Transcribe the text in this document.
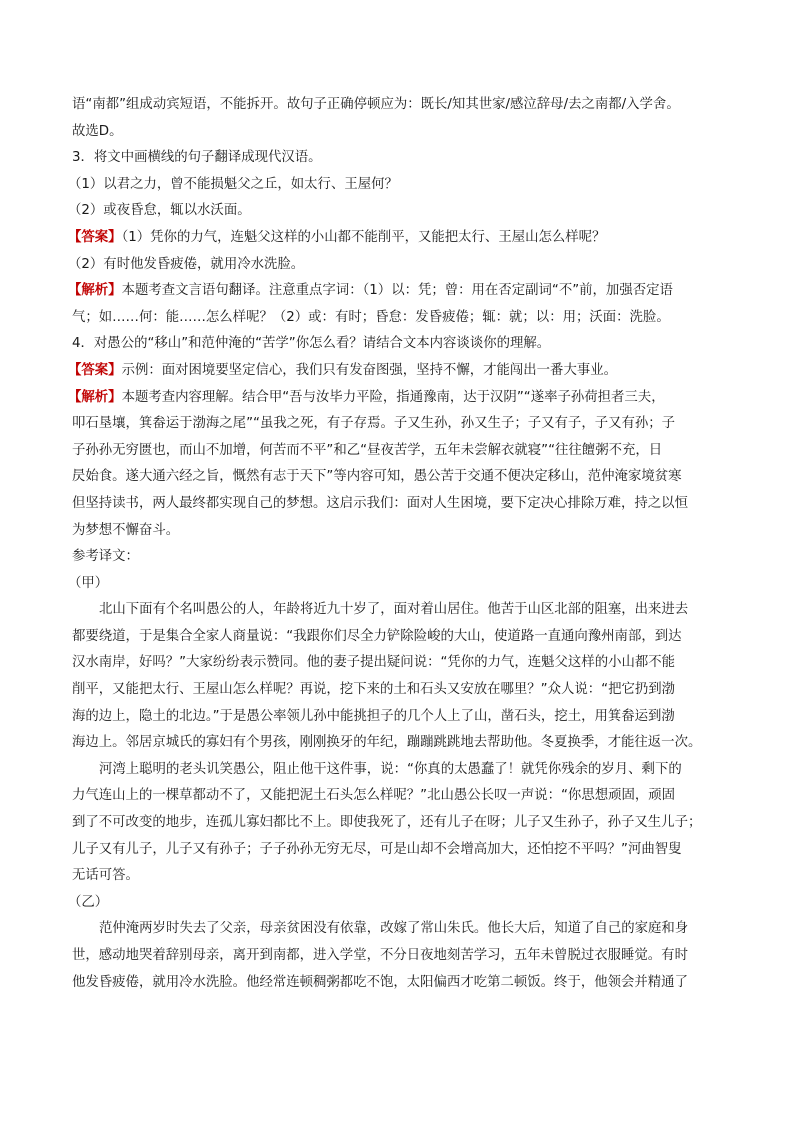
语“南都”组成动宾短语，不能拆开。故句子正确停顿应为：既长/知其世家/感泣辞母/去之南都/入学舍。

故选D。

3．将文中画横线的句子翻译成现代汉语。

（1）以君之力，曾不能损魁父之丘，如太行、王屋何？

（2）或夜昏怠，辄以水沃面。

【答案】（1）凭你的力气，连魁父这样的小山都不能削平，又能把太行、王屋山怎么样呢？

（2）有时他发昏疲倦，就用冷水洗脸。

【解析】本题考查文言语句翻译。注意重点字词：（1）以：凭；曾：用在否定副词“不”前，加强否定语

气；如……何：能……怎么样呢？（2）或：有时；昏怠：发昏疲倦；辄：就；以：用；沃面：洗脸。

4．对愚公的“移山”和范仲淹的“苦学”你怎么看？请结合文本内容谈谈你的理解。

【答案】示例：面对困境要坚定信心，我们只有发奋图强，坚持不懈，才能闯出一番大事业。

【解析】本题考查内容理解。结合甲“吾与汝毕力平险，指通豫南，达于汉阴”“遂率子孙荷担者三夫，

叩石垦壤，箕畚运于渤海之尾”“虽我之死，有子存焉。子又生孙，孙又生子；子又有子，子又有孙；子

子孙孙无穷匮也，而山不加增，何苦而不平”和乙“昼夜苦学，五年未尝解衣就寝”“往往饘粥不充，日

昃始食。遂大通六经之旨，慨然有志于天下”等内容可知，愚公苦于交通不便决定移山，范仲淹家境贫寒

但坚持读书，两人最终都实现自己的梦想。这启示我们：面对人生困境，要下定决心排除万难，持之以恒

为梦想不懈奋斗。

参考译文：

（甲）

北山下面有个名叫愚公的人，年龄将近九十岁了，面对着山居住。他苦于山区北部的阻塞，出来进去

都要绕道，于是集合全家人商量说：“我跟你们尽全力铲除险峻的大山，使道路一直通向豫州南部，到达

汉水南岸，好吗？”大家纷纷表示赞同。他的妻子提出疑问说：“凭你的力气，连魁父这样的小山都不能

削平，又能把太行、王屋山怎么样呢？再说，挖下来的土和石头又安放在哪里？”众人说：“把它扔到渤

海的边上，隐土的北边。”于是愚公率领儿孙中能挑担子的几个人上了山，凿石头，挖土，用箕畚运到渤

海边上。邻居京城氏的寡妇有个男孩，刚刚换牙的年纪，蹦蹦跳跳地去帮助他。冬夏换季，才能往返一次。

河湾上聪明的老头讥笑愚公，阻止他干这件事，说：“你真的太愚蠢了！就凭你残余的岁月、剩下的

力气连山上的一棵草都动不了，又能把泥土石头怎么样呢？”北山愚公长叹一声说：“你思想顽固，顽固

到了不可改变的地步，连孤儿寡妇都比不上。即使我死了，还有儿子在呀；儿子又生孙子，孙子又生儿子；

儿子又有儿子，儿子又有孙子；子子孙孙无穷无尽，可是山却不会增高加大，还怕挖不平吗？”河曲智叟

无话可答。

（乙）

范仲淹两岁时失去了父亲，母亲贫困没有依靠，改嫁了常山朱氏。他长大后，知道了自己的家庭和身

世，感动地哭着辞别母亲，离开到南都，进入学堂，不分日夜地刻苦学习，五年未曾脱过衣服睡觉。有时

他发昏疲倦，就用冷水洗脸。他经常连顿稠粥都吃不饱，太阳偏西才吃第二顿饭。终于，他领会并精通了
